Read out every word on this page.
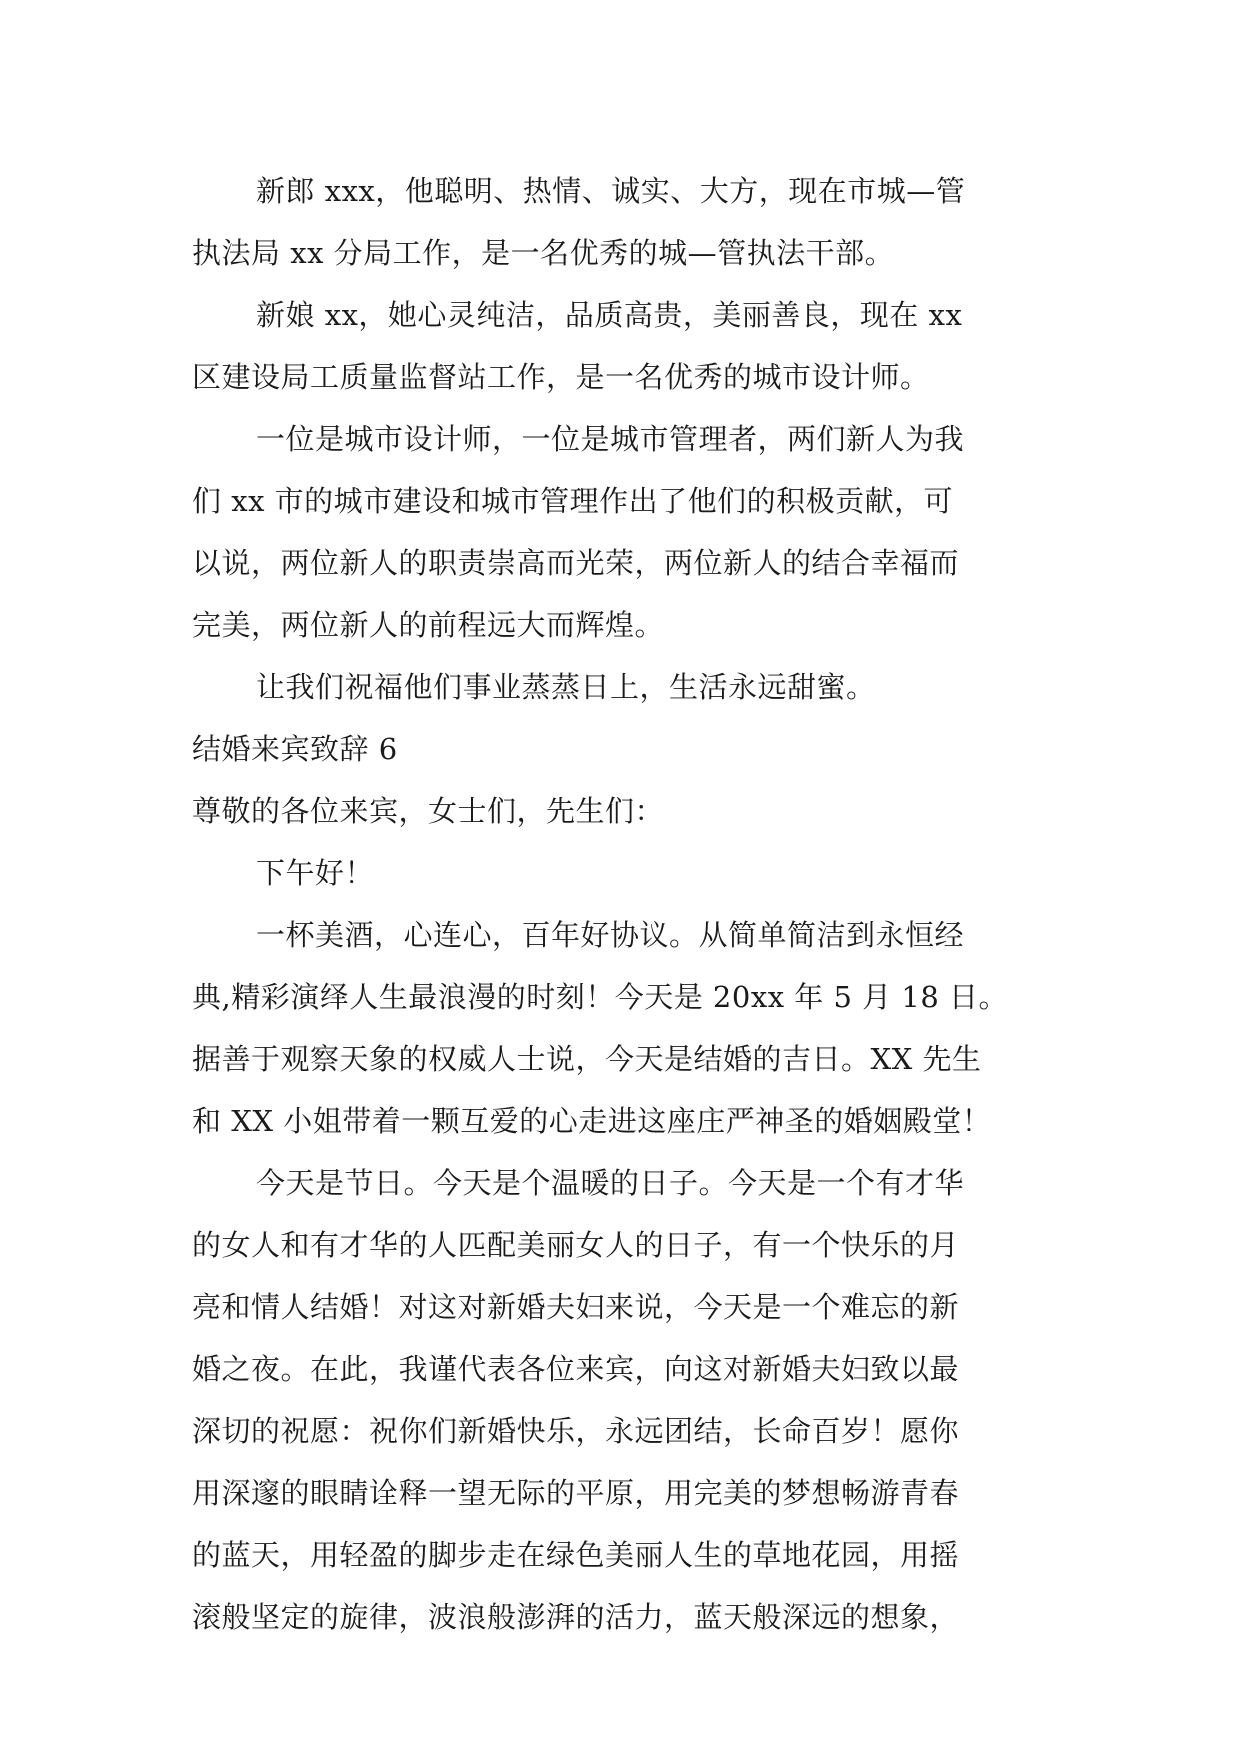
新郎 xxx，他聪明、热情、诚实、大方，现在市城—管
执法局 xx 分局工作，是一名优秀的城—管执法干部。
新娘 xx，她心灵纯洁，品质高贵，美丽善良，现在 xx
区建设局工质量监督站工作，是一名优秀的城市设计师。
一位是城市设计师，一位是城市管理者，两们新人为我
们 xx 市的城市建设和城市管理作出了他们的积极贡献，可
以说，两位新人的职责崇高而光荣，两位新人的结合幸福而
完美，两位新人的前程远大而辉煌。
让我们祝福他们事业蒸蒸日上，生活永远甜蜜。
结婚来宾致辞 6
尊敬的各位来宾，女士们，先生们：
下午好！
一杯美酒，心连心，百年好协议。从简单简洁到永恒经
典,精彩演绎人生最浪漫的时刻！今天是 20xx 年 5 月 18 日。
据善于观察天象的权威人士说，今天是结婚的吉日。XX 先生
和 XX 小姐带着一颗互爱的心走进这座庄严神圣的婚姻殿堂！
今天是节日。今天是个温暖的日子。今天是一个有才华
的女人和有才华的人匹配美丽女人的日子，有一个快乐的月
亮和情人结婚！对这对新婚夫妇来说，今天是一个难忘的新
婚之夜。在此，我谨代表各位来宾，向这对新婚夫妇致以最
深切的祝愿：祝你们新婚快乐，永远团结，长命百岁！愿你
用深邃的眼睛诠释一望无际的平原，用完美的梦想畅游青春
的蓝天，用轻盈的脚步走在绿色美丽人生的草地花园，用摇
滚般坚定的旋律，波浪般澎湃的活力，蓝天般深远的想象，
